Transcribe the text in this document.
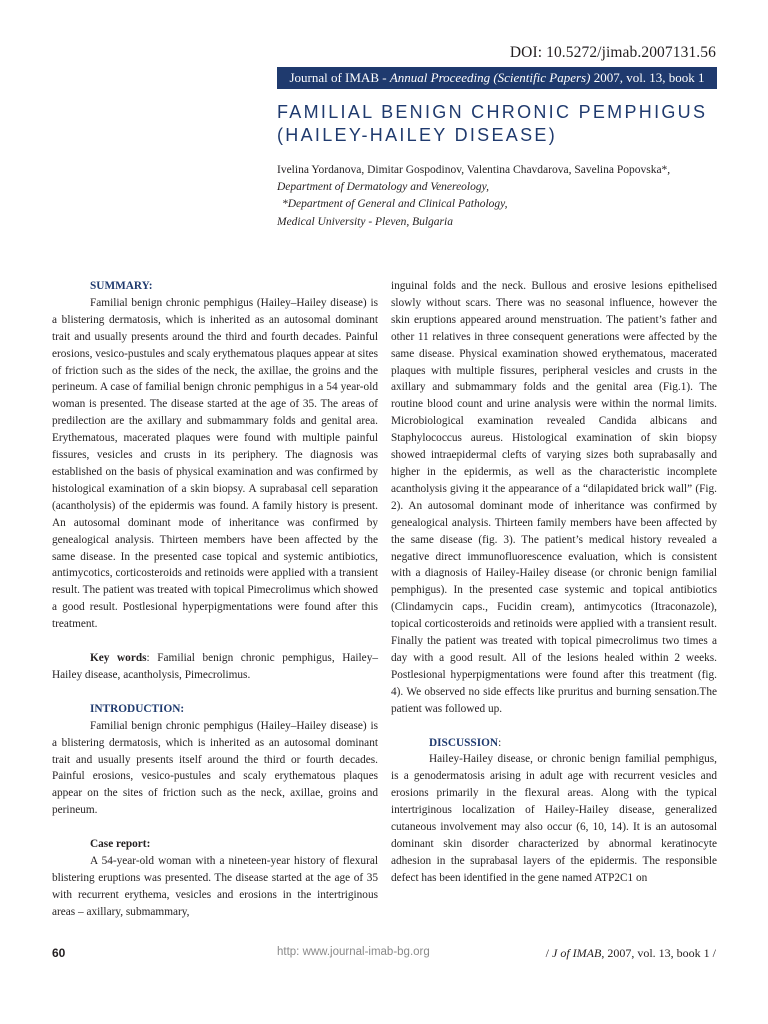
DOI: 10.5272/jimab.2007131.56
Journal of IMAB - Annual Proceeding (Scientific Papers) 2007, vol. 13, book 1
FAMILIAL BENIGN CHRONIC PEMPHIGUS
(HAILEY-HAILEY DISEASE)
Ivelina Yordanova, Dimitar Gospodinov, Valentina Chavdarova, Savelina Popovska*,
Department of Dermatology and Venereology,
*Department of General and Clinical Pathology,
Medical University - Pleven, Bulgaria
SUMMARY:

Familial benign chronic pemphigus (Hailey–Hailey disease) is a blistering dermatosis, which is inherited as an autosomal dominant trait and usually presents around the third and fourth decades. Painful erosions, vesico-pustules and scaly erythematous plaques appear at sites of friction such as the sides of the neck, the axillae, the groins and the perineum. A case of familial benign chronic pemphigus in a 54 year-old woman is presented. The disease started at the age of 35. The areas of predilection are the axillary and submammary folds and genital area. Erythematous, macerated plaques were found with multiple painful fissures, vesicles and crusts in its periphery. The diagnosis was established on the basis of physical examination and was confirmed by histological examination of a skin biopsy. A suprabasal cell separation (acantholysis) of the epidermis was found. A family history is present. An autosomal dominant mode of inheritance was confirmed by genealogical analysis. Thirteen members have been affected by the same disease. In the presented case topical and systemic antibiotics, antimycotics, corticosteroids and retinoids were applied with a transient result. The patient was treated with topical Pimecrolimus which showed a good result. Postlesional hyperpigmentations were found after this treatment.

Key words: Familial benign chronic pemphigus, Hailey–Hailey disease, acantholysis, Pimecrolimus.

INTRODUCTION:

Familial benign chronic pemphigus (Hailey–Hailey disease) is a blistering dermatosis, which is inherited as an autosomal dominant trait and usually presents itself around the third or fourth decades. Painful erosions, vesico-pustules and scaly erythematous plaques appear on the sites of friction such as the neck, axillae, groins and perineum.

Case report:

A 54-year-old woman with a nineteen-year history of flexural blistering eruptions was presented. The disease started at the age of 35 with recurrent erythema, vesicles and erosions in the intertriginous areas – axillary, submammary,

inguinal folds and the neck. Bullous and erosive lesions epithelised slowly without scars. There was no seasonal influence, however the skin eruptions appeared around menstruation. The patient’s father and other 11 relatives in three consequent generations were affected by the same disease. Physical examination showed erythematous, macerated plaques with multiple fissures, peripheral vesicles and crusts in the axillary and submammary folds and the genital area (Fig.1). The routine blood count and urine analysis were within the normal limits. Microbiological examination revealed Candida albicans and Staphylococcus aureus. Histological examination of skin biopsy showed intraepidermal clefts of varying sizes both suprabasally and higher in the epidermis, as well as the characteristic incomplete acantholysis giving it the appearance of a “dilapidated brick wall” (Fig. 2). An autosomal dominant mode of inheritance was confirmed by genealogical analysis. Thirteen family members have been affected by the same disease (fig. 3). The patient’s medical history revealed a negative direct immunofluorescence evaluation, which is consistent with a diagnosis of Hailey-Hailey disease (or chronic benign familial pemphigus). In the presented case systemic and topical antibiotics (Clindamycin caps., Fucidin cream), antimycotics (Itraconazole), topical corticosteroids and retinoids were applied with a transient result. Finally the patient was treated with topical pimecrolimus two times a day with a good result. All of the lesions healed within 2 weeks. Postlesional hyperpigmentations were found after this treatment (fig. 4). We observed no side effects like pruritus and burning sensation.The patient was followed up.

DISCUSSION:

Hailey-Hailey disease, or chronic benign familial pemphigus, is a genodermatosis arising in adult age with recurrent vesicles and erosions primarily in the flexural areas. Along with the typical intertriginous localization of Hailey-Hailey disease, generalized cutaneous involvement may also occur (6, 10, 14). It is an autosomal dominant skin disorder characterized by abnormal keratinocyte adhesion in the suprabasal layers of the epidermis. The responsible defect has been identified in the gene named ATP2C1 on

60	http: www.journal-imab-bg.org	/ J of IMAB, 2007, vol. 13, book 1 /
